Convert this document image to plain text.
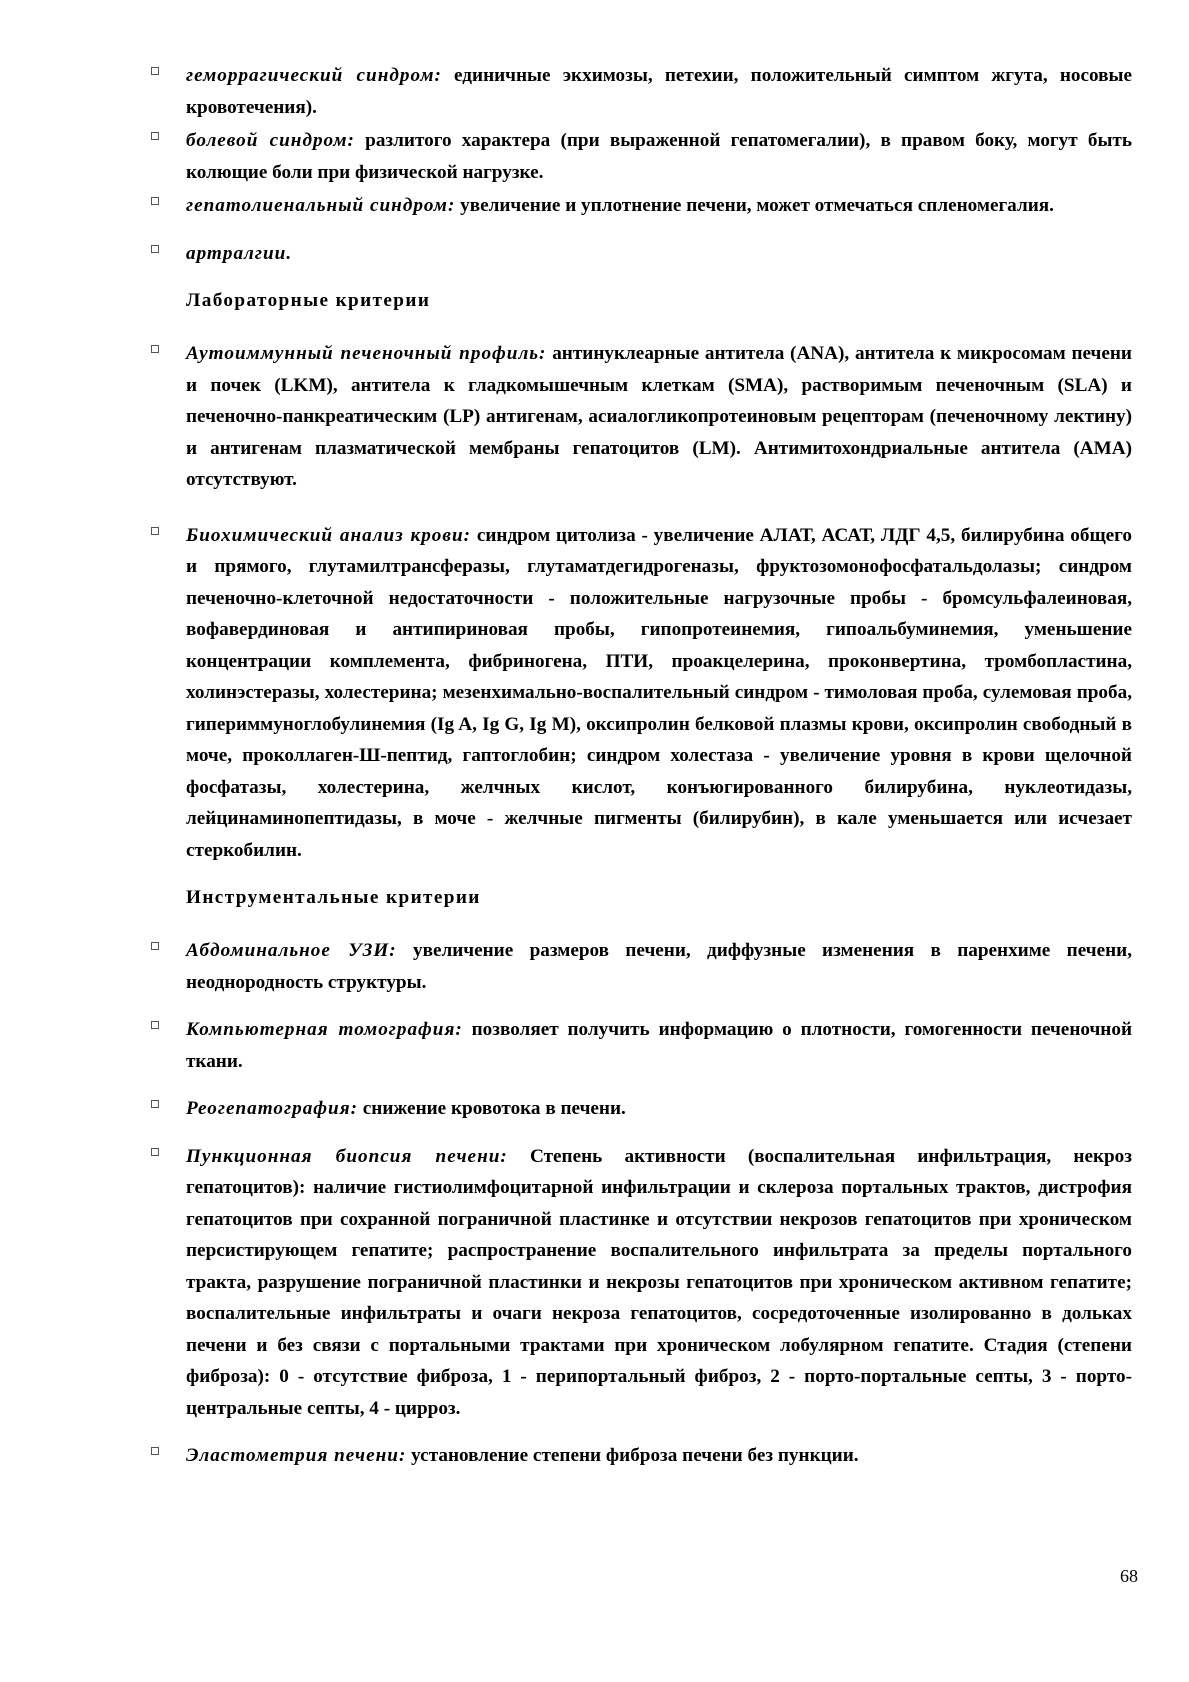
геморрагический синдром: единичные экхимозы, петехии, положительный симптом жгута, носовые кровотечения).
болевой синдром: разлитого характера (при выраженной гепатомегалии), в правом боку, могут быть колющие боли при физической нагрузке.
гепатолиенальный синдром: увеличение и уплотнение печени, может отмечаться спленомегалия.
артралгии.

Лабораторные критерии

Аутоиммунный печеночный профиль: антинуклеарные антитела (ANA), антитела к микросомам печени и почек (LKM), антитела к гладкомышечным клеткам (SMA), растворимым печеночным (SLA) и печеночно-панкреатическим (LP) антигенам, асиалогликопротеиновым рецепторам (печеночному лектину) и антигенам плазматической мембраны гепатоцитов (LM). Антимитохондриальные антитела (AMA) отсутствуют.
Биохимический анализ крови: синдром цитолиза - увеличение АЛАТ, АСАТ, ЛДГ 4,5, билирубина общего и прямого, глутамилтрансферазы, глутаматдегидрогеназы, фруктозомонофосфатальдолазы; синдром печеночно-клеточной недостаточности - положительные нагрузочные пробы - бромсульфалеиновая, вофавердиновая и антипириновая пробы, гипопротеинемия, гипоальбуминемия, уменьшение концентрации комплемента, фибриногена, ПТИ, проакцелерина, проконвертина, тромбопластина, холинэстеразы, холестерина; мезенхимально-воспалительный синдром - тимоловая проба, сулемовая проба, гипериммуноглобулинемия (Ig A, Ig G, Ig M), оксипролин белковой плазмы крови, оксипролин свободный в моче, проколлаген-Ш-пептид, гаптоглобин; синдром холестаза - увеличение уровня в крови щелочной фосфатазы, холестерина, желчных кислот, конъюгированного билирубина, нуклеотидазы, лейцинаминопептидазы, в моче - желчные пигменты (билирубин), в кале уменьшается или исчезает стеркобилин.

Инструментальные критерии

Абдоминальное УЗИ: увеличение размеров печени, диффузные изменения в паренхиме печени, неоднородность структуры.
Компьютерная томография: позволяет получить информацию о плотности, гомогенности печеночной ткани.
Реогепатография: снижение кровотока в печени.
Пункционная биопсия печени: Степень активности (воспалительная инфильтрация, некроз гепатоцитов): наличие гистиолимфоцитарной инфильтрации и склероза портальных трактов, дистрофия гепатоцитов при сохранной пограничной пластинке и отсутствии некрозов гепатоцитов при хроническом персистирующем гепатите; распространение воспалительного инфильтрата за пределы портального тракта, разрушение пограничной пластинки и некрозы гепатоцитов при хроническом активном гепатите; воспалительные инфильтраты и очаги некроза гепатоцитов, сосредоточенные изолированно в дольках печени и без связи с портальными трактами при хроническом лобулярном гепатите. Стадия (степени фиброза): 0 - отсутствие фиброза, 1 - перипортальный фиброз, 2 - порто-портальные септы, 3 - порто-центральные септы, 4 - цирроз.
Эластометрия печени: установление степени фиброза печени без пункции.
68
